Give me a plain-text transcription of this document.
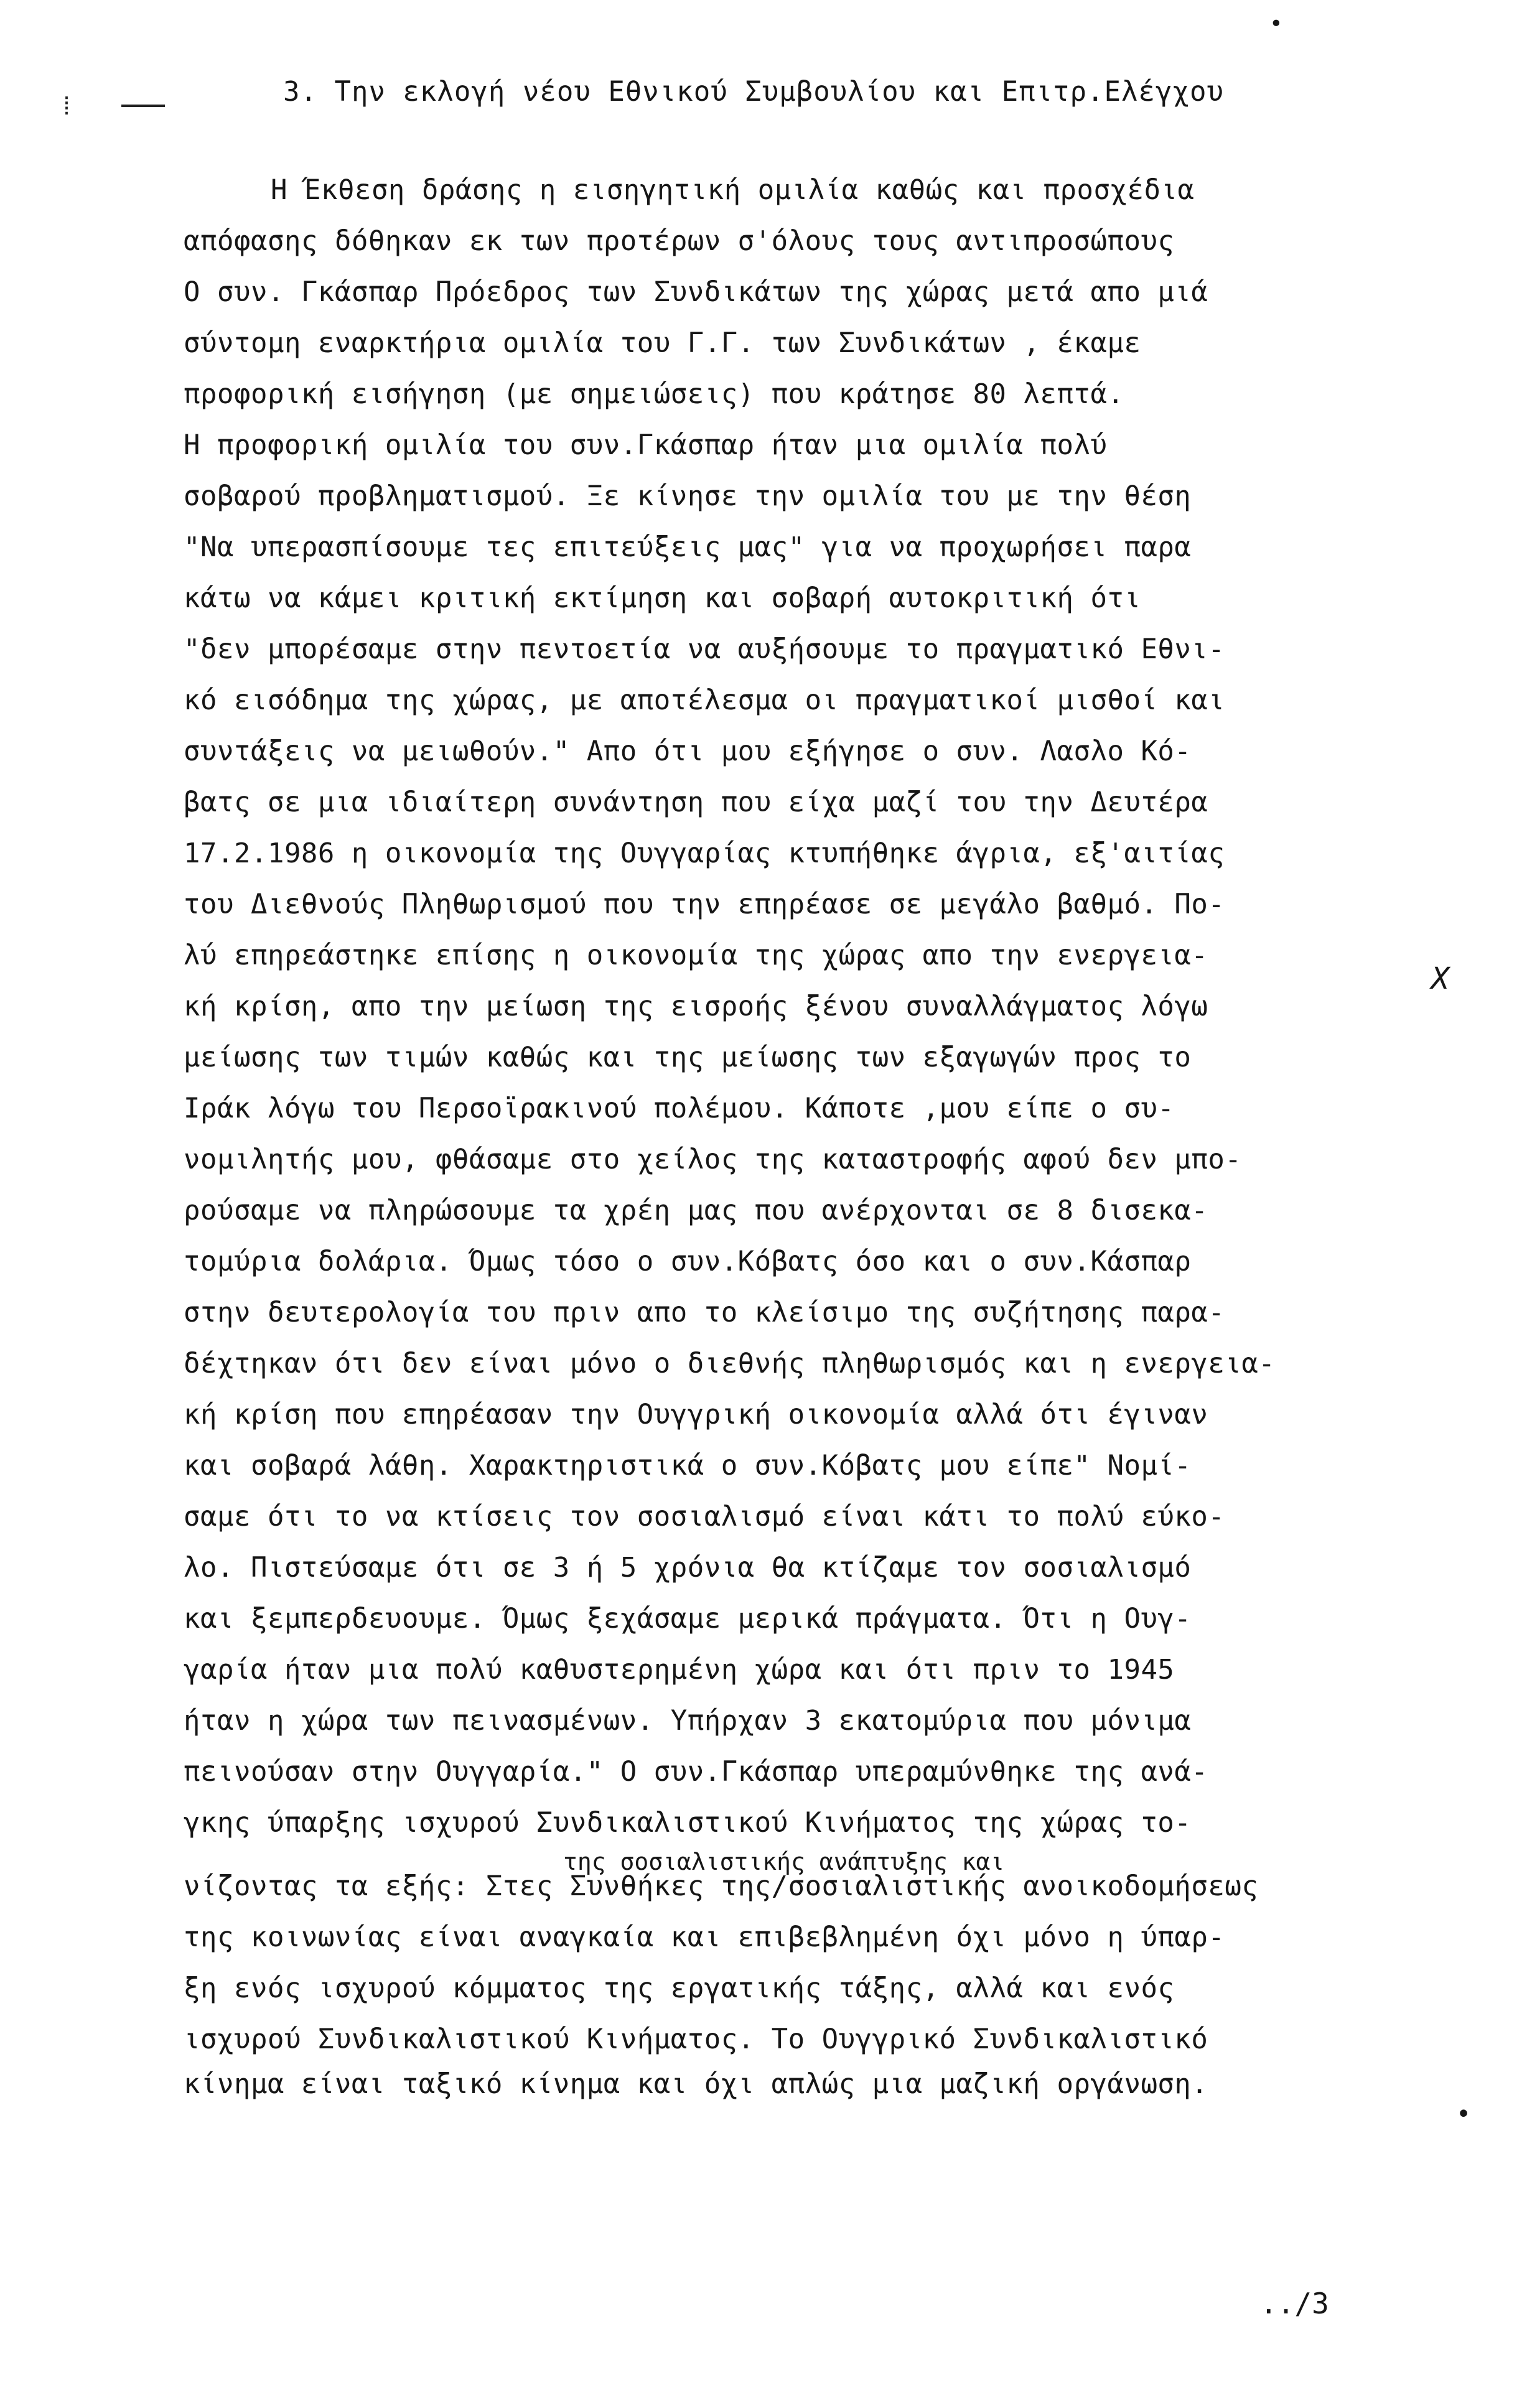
•
⁞	3. Την εκλογή νέου Εθνικού Συμβουλίου και Επιτρ.Ελέγχου
Η Έκθεση δράσης η εισηγητική ομιλία καθώς και προσχέδια
απόφασης δόθηκαν εκ των προτέρων σ'όλους τους αντιπροσώπους
Ο συν. Γκάσπαρ Πρόεδρος των Συνδικάτων της χώρας μετά απο μιά
σύντομη εναρκτήρια ομιλία του Γ.Γ. των Συνδικάτων , έκαμε
προφορική εισήγηση (με σημειώσεις) που κράτησε 80 λεπτά.
Η προφορική ομιλία του συν.Γκάσπαρ ήταν μια ομιλία πολύ
σοβαρού προβληματισμού. Ξε κίνησε την ομιλία του με την θέση
"Να υπερασπίσουμε τες επιτεύξεις μας" για να προχωρήσει παρα
κάτω να κάμει κριτική εκτίμηση και σοβαρή αυτοκριτική ότι
"δεν μπορέσαμε στην πεντοετία να αυξήσουμε το πραγματικό Εθνι-
κό εισόδημα της χώρας, με αποτέλεσμα οι πραγματικοί μισθοί και
συντάξεις να μειωθούν." Απο ότι μου εξήγησε ο συν. Λασλο Κό-
βατς σε μια ιδιαίτερη συνάντηση που είχα μαζί του την Δευτέρα
17.2.1986 η οικονομία της Ουγγαρίας κτυπήθηκε άγρια, εξ'αιτίας
του Διεθνούς Πληθωρισμού που την επηρέασε σε μεγάλο βαθμό. Πο-
λύ επηρεάστηκε επίσης η οικονομία της χώρας απο την ενεργεια-
κή κρίση, απο την μείωση της εισροής ξένου συναλλάγματος λόγω
μείωσης των τιμών καθώς και της μείωσης των εξαγωγών προς το
Ιράκ λόγω του Περσοϊρακινού πολέμου. Κάποτε ,μου είπε ο συ-
νομιλητής μου, φθάσαμε στο χείλος της καταστροφής αφού δεν μπο-
ρούσαμε να πληρώσουμε τα χρέη μας που ανέρχονται σε 8 δισεκα-
τομύρια δολάρια. Όμως τόσο ο συν.Κόβατς όσο και ο συν.Κάσπαρ
στην δευτερολογία του πριν απο το κλείσιμο της συζήτησης παρα-
δέχτηκαν ότι δεν είναι μόνο ο διεθνής πληθωρισμός και η ενεργεια-
κή κρίση που επηρέασαν την Ουγγρική οικονομία αλλά ότι έγιναν
και σοβαρά λάθη. Χαρακτηριστικά ο συν.Κόβατς μου είπε" Νομί-
σαμε ότι το να κτίσεις τον σοσιαλισμό είναι κάτι το πολύ εύκο-
λο. Πιστεύσαμε ότι σε 3 ή 5 χρόνια θα κτίζαμε τον σοσιαλισμό
και ξεμπερδευουμε. Όμως ξεχάσαμε μερικά πράγματα. Ότι η Ουγ-
γαρία ήταν μια πολύ καθυστερημένη χώρα και ότι πριν το 1945
ήταν η χώρα των πεινασμένων. Υπήρχαν 3 εκατομύρια που μόνιμα
πεινούσαν στην Ουγγαρία." Ο συν.Γκάσπαρ υπεραμύνθηκε της ανά-
γκης ύπαρξης ισχυρού Συνδικαλιστικού Κινήματος της χώρας το-
της σοσιαλιστικής ανάπτυξης και
νίζοντας τα εξής: Στες Συνθήκες της/σοσιαλιστικής ανοικοδομήσεως
της κοινωνίας είναι αναγκαία και επιβεβλημένη όχι μόνο η ύπαρ-
ξη ενός ισχυρού κόμματος της εργατικής τάξης, αλλά και ενός
ισχυρού Συνδικαλιστικού Κινήματος. Το Ουγγρικό Συνδικαλιστικό
κίνημα είναι ταξικό κίνημα και όχι απλώς μια μαζική οργάνωση.
Χ
•
../3
